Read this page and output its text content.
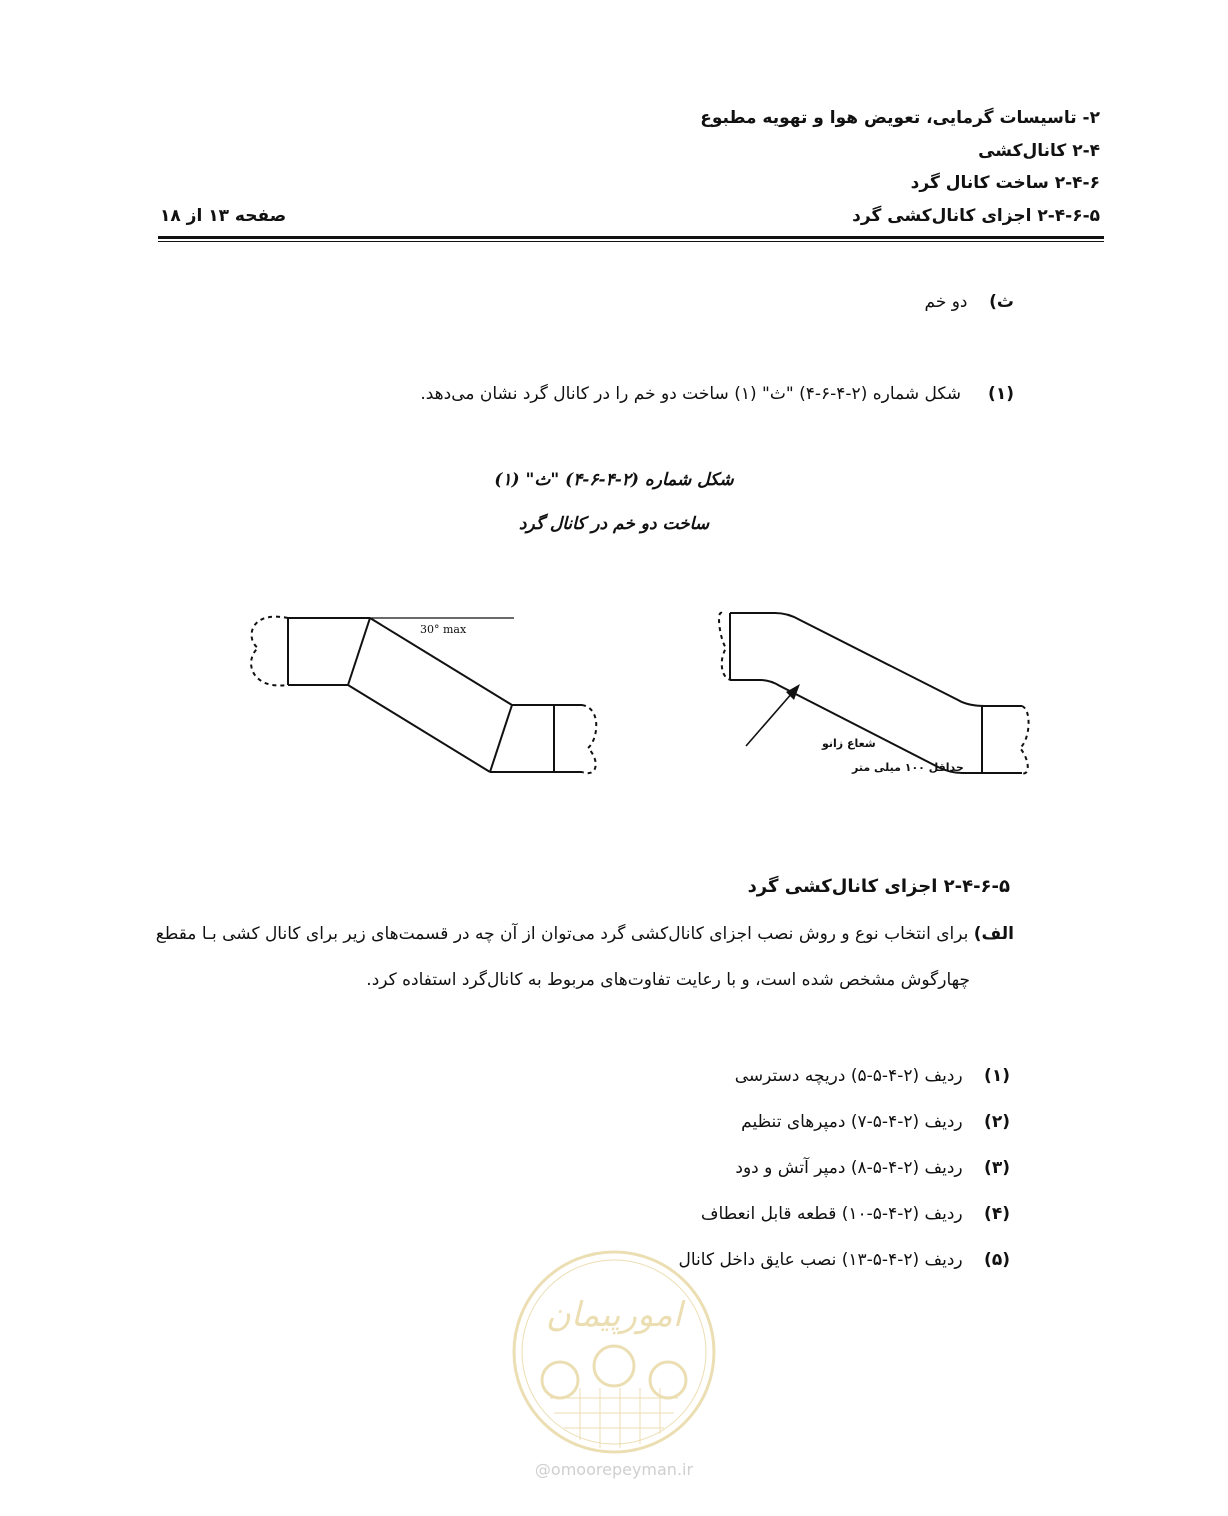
۲- تاسیسات گرمایی، تعویض هوا و تهویه مطبوع
۲-۴ کانال‌کشی
۲-۴-۶ ساخت کانال گرد
۲-۴-۶-۵ اجزای کانال‌کشی گرد
صفحه ۱۳ از ۱۸
ث)    دو خم
(۱)     شکل شماره (۲-۴-۶-۴) "ث" (۱) ساخت دو خم را در کانال گرد نشان می‌دهد.
شکل شماره (۲-۴-۶-۴) "ث" (۱)
ساخت دو خم در کانال گرد
30° max
شعاع زانو
حداقل ۱۰۰ میلی متر
۲-۴-۶-۵ اجزای کانال‌کشی گرد
الف) برای انتخاب نوع و روش نصب اجزای کانال‌کشی گرد می‌توان از آن چه در قسمت‌های زیر برای کانال کشی بـا مقطع
چهارگوش مشخص شده است، و با رعایت تفاوت‌های مربوط به کانال‌گرد استفاده کرد.
(۱) ردیف (۲-۴-۵-۵) دریچه دسترسی
(۲) ردیف (۲-۴-۵-۷) دمپرهای تنظیم
(۳) ردیف (۲-۴-۵-۸) دمپر آتش و دود
(۴) ردیف (۲-۴-۵-۱۰) قطعه قابل انعطاف
(۵) ردیف (۲-۴-۵-۱۳) نصب عایق داخل کانال
امورپیمان
@omoorepeyman.ir
